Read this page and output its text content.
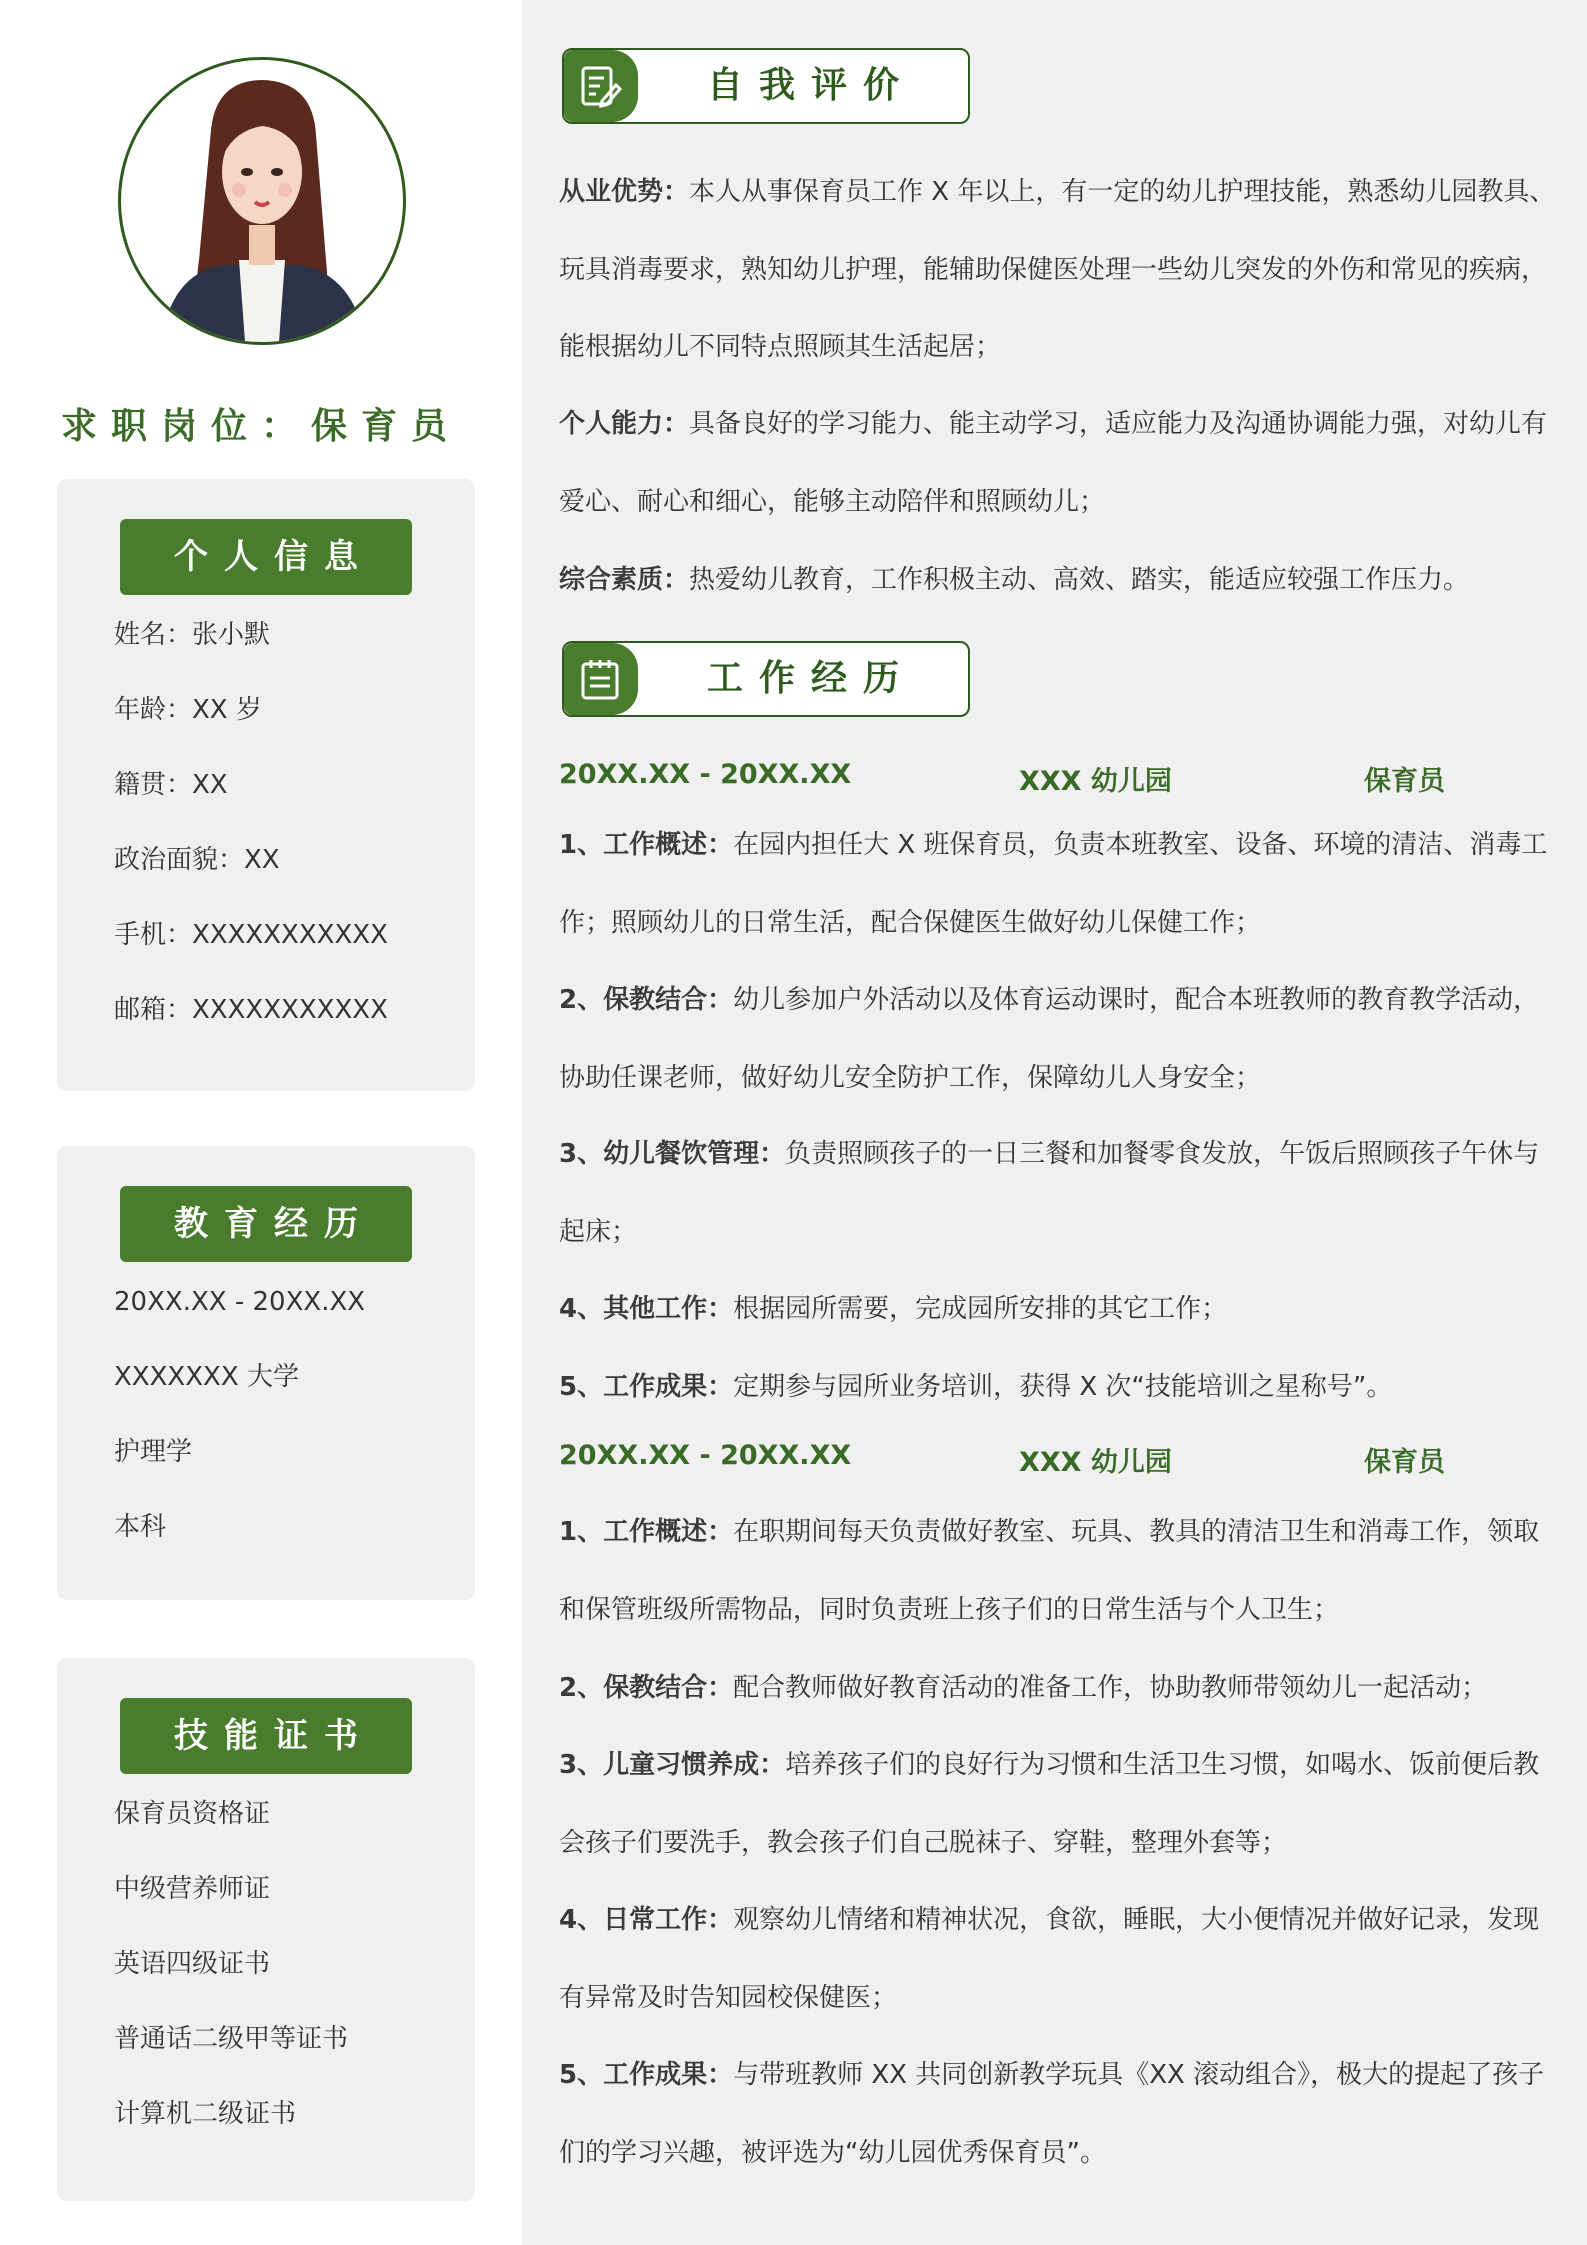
求职岗位：保育员
个人信息
姓名：张小默
年龄：XX 岁
籍贯：XX
政治面貌：XX
手机：XXXXXXXXXXX
邮箱：XXXXXXXXXXX
教育经历
20XX.XX - 20XX.XX
XXXXXXX 大学
护理学
本科
技能证书
保育员资格证
中级营养师证
英语四级证书
普通话二级甲等证书
计算机二级证书
自我评价

从业优势：本人从事保育员工作 X 年以上，有一定的幼儿护理技能，熟悉幼儿园教具、玩具消毒要求，熟知幼儿护理，能辅助保健医处理一些幼儿突发的外伤和常见的疾病，能根据幼儿不同特点照顾其生活起居；

个人能力：具备良好的学习能力、能主动学习，适应能力及沟通协调能力强，对幼儿有爱心、耐心和细心，能够主动陪伴和照顾幼儿；

综合素质：热爱幼儿教育，工作积极主动、高效、踏实，能适应较强工作压力。

工作经历
20XX.XX - 20XX.XX	XXX 幼儿园	保育员

1、工作概述：在园内担任大 X 班保育员，负责本班教室、设备、环境的清洁、消毒工作；照顾幼儿的日常生活，配合保健医生做好幼儿保健工作；

2、保教结合：幼儿参加户外活动以及体育运动课时，配合本班教师的教育教学活动，协助任课老师，做好幼儿安全防护工作，保障幼儿人身安全；

3、幼儿餐饮管理：负责照顾孩子的一日三餐和加餐零食发放，午饭后照顾孩子午休与起床；

4、其他工作：根据园所需要，完成园所安排的其它工作；

5、工作成果：定期参与园所业务培训，获得 X 次“技能培训之星称号”。

20XX.XX - 20XX.XX	XXX 幼儿园	保育员

1、工作概述：在职期间每天负责做好教室、玩具、教具的清洁卫生和消毒工作，领取和保管班级所需物品，同时负责班上孩子们的日常生活与个人卫生；

2、保教结合：配合教师做好教育活动的准备工作，协助教师带领幼儿一起活动；

3、儿童习惯养成：培养孩子们的良好行为习惯和生活卫生习惯，如喝水、饭前便后教会孩子们要洗手，教会孩子们自己脱袜子、穿鞋，整理外套等；

4、日常工作：观察幼儿情绪和精神状况，食欲，睡眠，大小便情况并做好记录，发现有异常及时告知园校保健医；

5、工作成果：与带班教师 XX 共同创新教学玩具《XX 滚动组合》，极大的提起了孩子们的学习兴趣，被评选为“幼儿园优秀保育员”。
